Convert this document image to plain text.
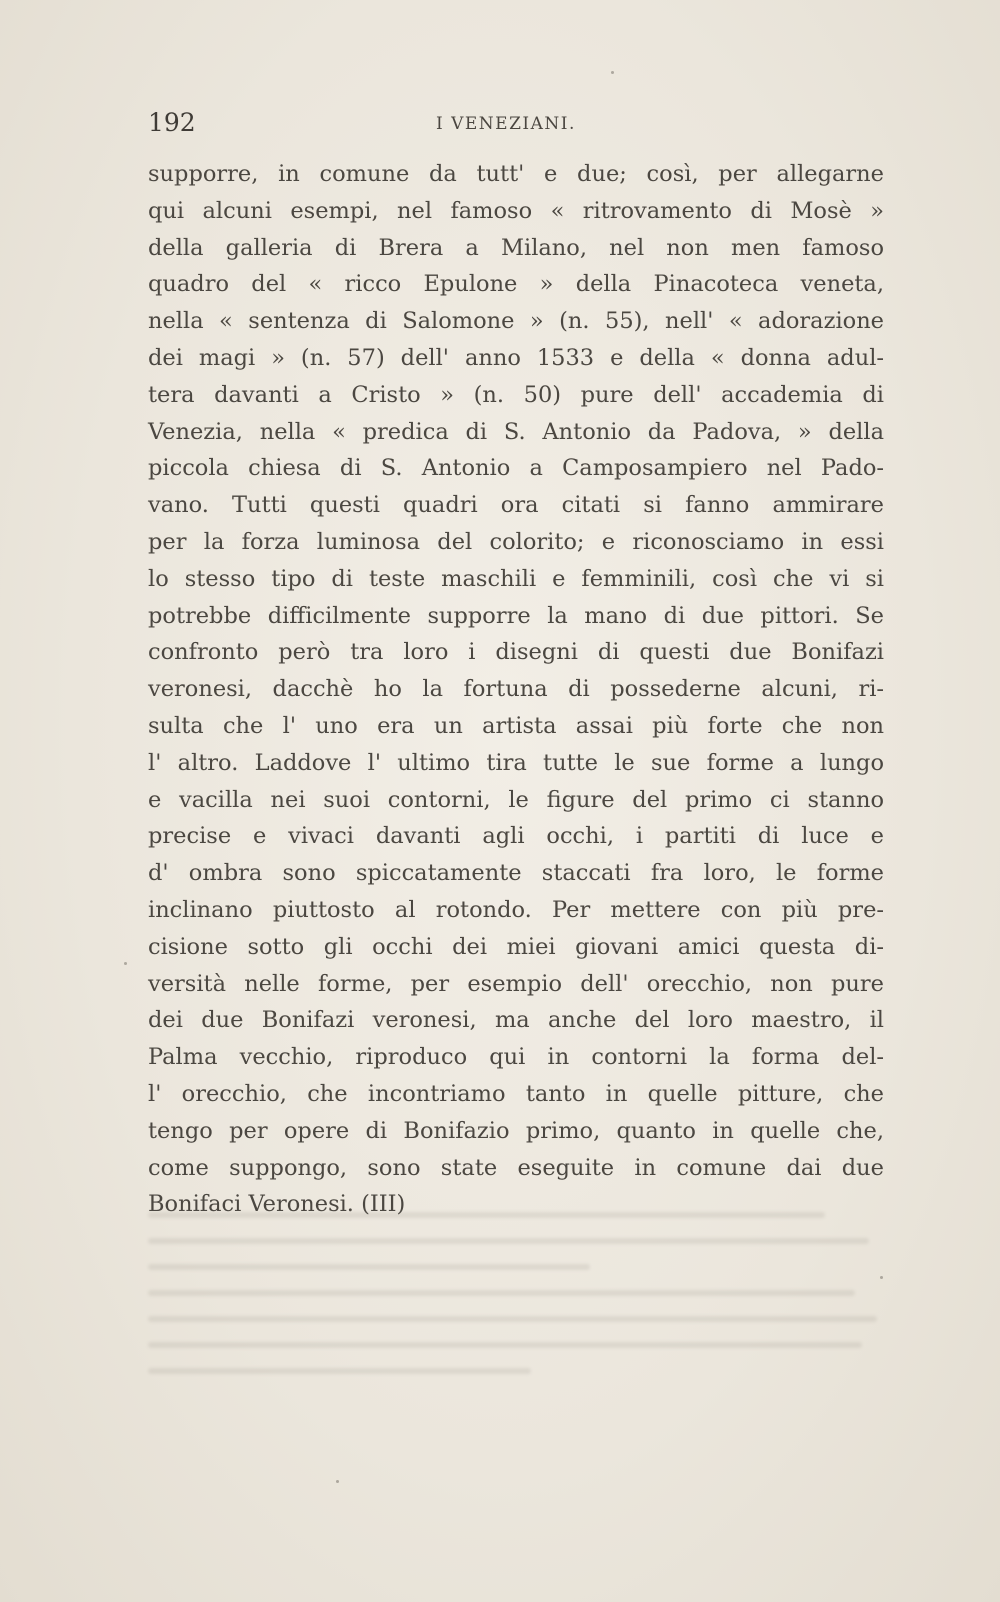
192	I VENEZIANI.
supporre, in comune da tutt' e due; così, per allegarne
qui alcuni esempi, nel famoso « ritrovamento di Mosè »
della galleria di Brera a Milano, nel non men famoso
quadro del « ricco Epulone » della Pinacoteca veneta,
nella « sentenza di Salomone » (n. 55), nell' « adorazione
dei magi » (n. 57) dell' anno 1533 e della « donna adul-
tera davanti a Cristo » (n. 50) pure dell' accademia di
Venezia, nella « predica di S. Antonio da Padova, » della
piccola chiesa di S. Antonio a Camposampiero nel Pado-
vano. Tutti questi quadri ora citati si fanno ammirare
per la forza luminosa del colorito; e riconosciamo in essi
lo stesso tipo di teste maschili e femminili, così che vi si
potrebbe difficilmente supporre la mano di due pittori. Se
confronto però tra loro i disegni di questi due Bonifazi
veronesi, dacchè ho la fortuna di possederne alcuni, ri-
sulta che l' uno era un artista assai più forte che non
l' altro. Laddove l' ultimo tira tutte le sue forme a lungo
e vacilla nei suoi contorni, le figure del primo ci stanno
precise e vivaci davanti agli occhi, i partiti di luce e
d' ombra sono spiccatamente staccati fra loro, le forme
inclinano piuttosto al rotondo. Per mettere con più pre-
cisione sotto gli occhi dei miei giovani amici questa di-
versità nelle forme, per esempio dell' orecchio, non pure
dei due Bonifazi veronesi, ma anche del loro maestro, il
Palma vecchio, riproduco qui in contorni la forma del-
l' orecchio, che incontriamo tanto in quelle pitture, che
tengo per opere di Bonifazio primo, quanto in quelle che,
come suppongo, sono state eseguite in comune dai due
Bonifaci Veronesi. (III)
